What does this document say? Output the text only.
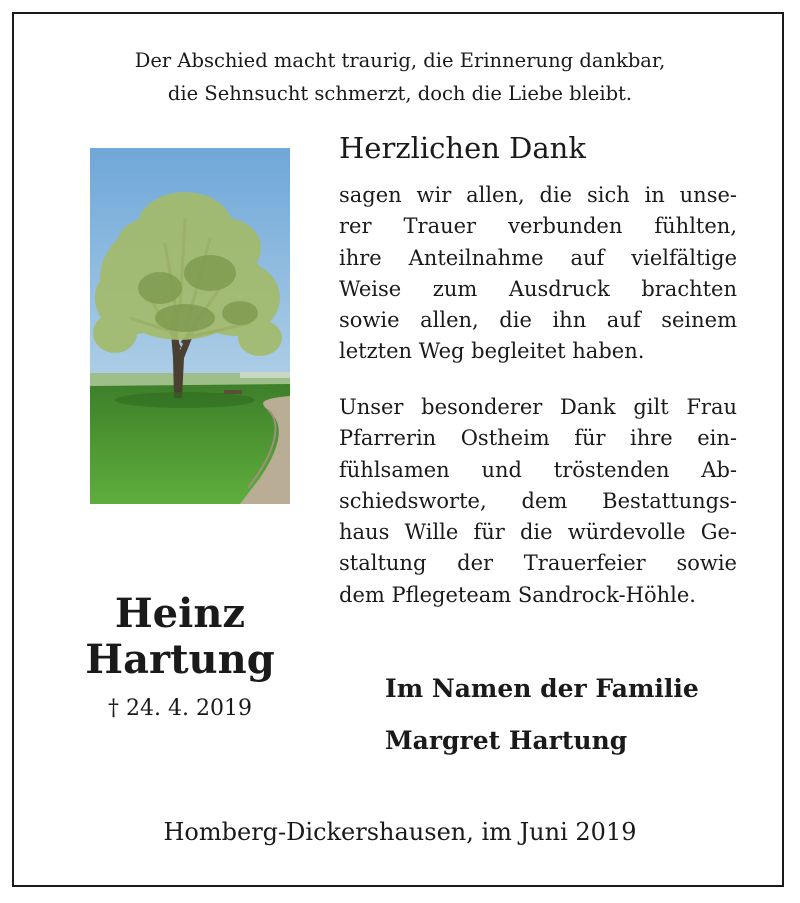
Der Abschied macht traurig, die Erinnerung dankbar,
die Sehnsucht schmerzt, doch die Liebe bleibt.
Herzlichen Dank
sagen wir allen, die sich in unse-
rer Trauer verbunden fühlten,
ihre Anteilnahme auf vielfältige
Weise zum Ausdruck brachten
sowie allen, die ihn auf seinem
letzten Weg begleitet haben.
Unser besonderer Dank gilt Frau
Pfarrerin Ostheim für ihre ein-
fühlsamen und tröstenden Ab-
schiedsworte, dem Bestattungs-
haus Wille für die würdevolle Ge-
staltung der Trauerfeier sowie
dem Pflegeteam Sandrock-Höhle.
Heinz
Hartung
† 24. 4. 2019
Im Namen der Familie
Margret Hartung
Homberg-Dickershausen, im Juni 2019
